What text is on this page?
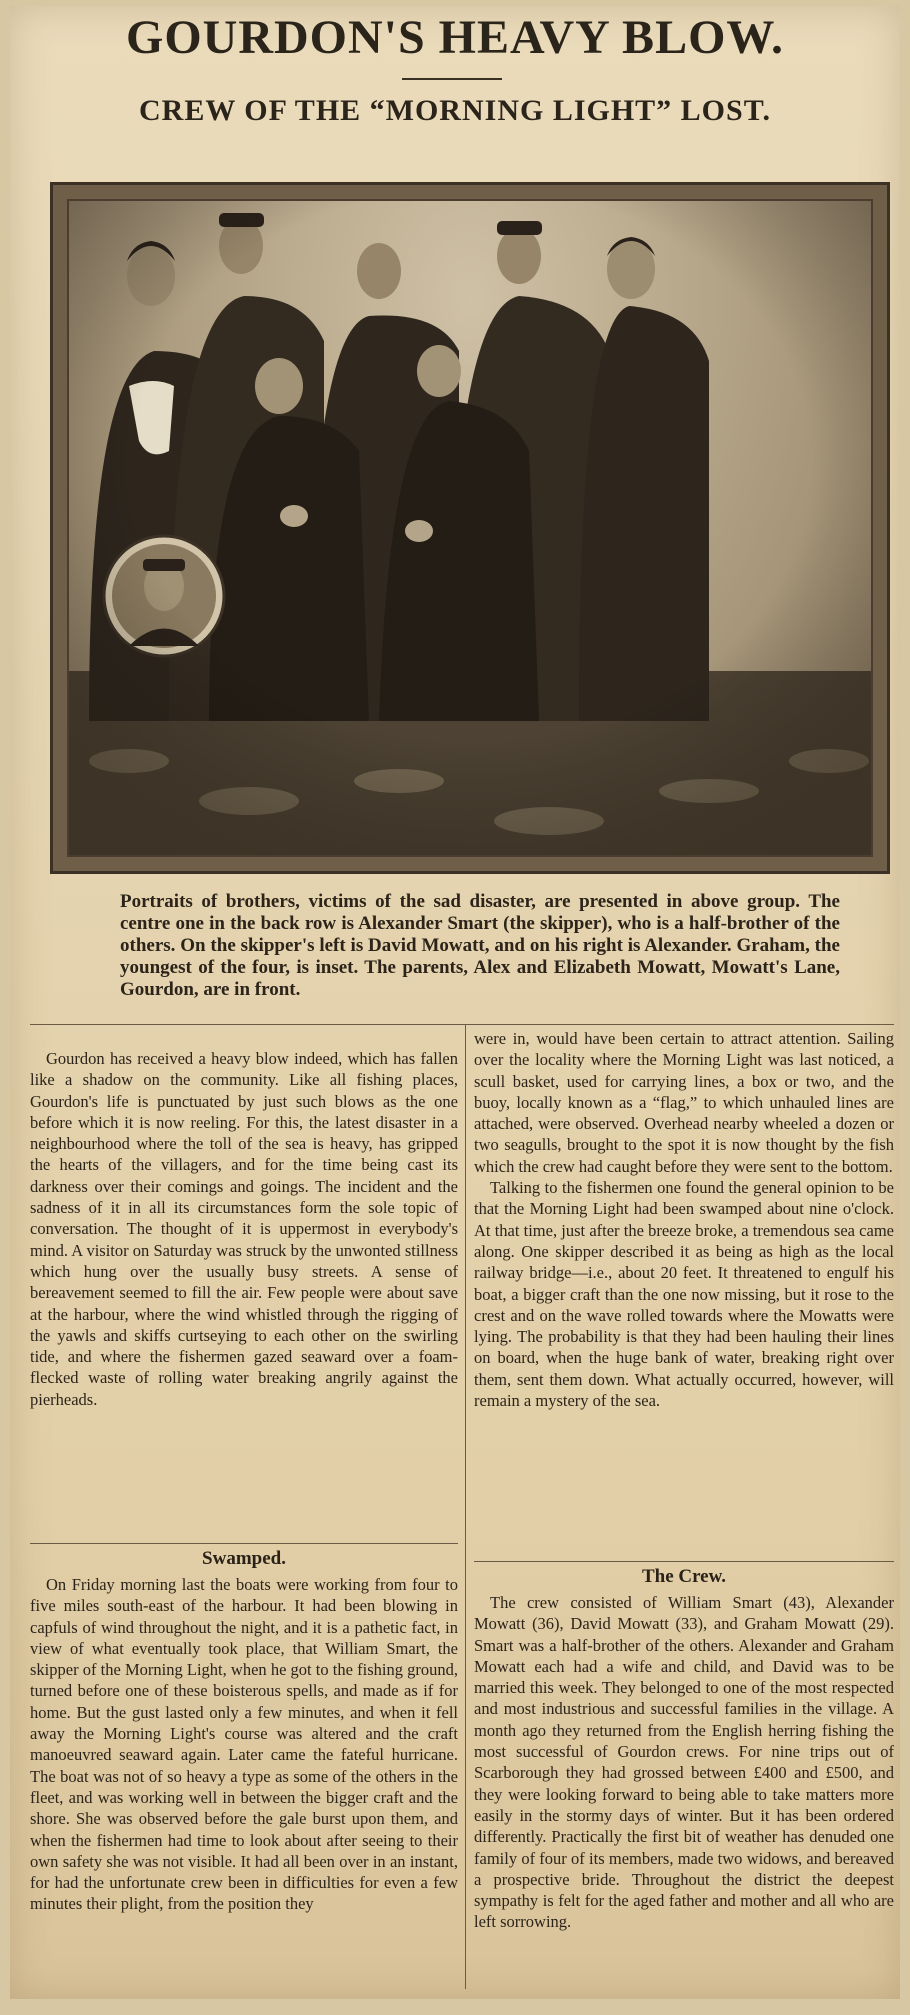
GOURDON'S HEAVY BLOW.
CREW OF THE “MORNING LIGHT” LOST.
Portraits of brothers, victims of the sad disaster, are presented in above group. The centre one in the back row is Alexander Smart (the skipper), who is a half-brother of the others. On the skipper's left is David Mowatt, and on his right is Alexander. Graham, the youngest of the four, is inset. The parents, Alex and Elizabeth Mowatt, Mowatt's Lane, Gourdon, are in front.

Gourdon has received a heavy blow indeed, which has fallen like a shadow on the community. Like all fishing places, Gourdon's life is punctuated by just such blows as the one before which it is now reeling. For this, the latest disaster in a neighbourhood where the toll of the sea is heavy, has gripped the hearts of the villagers, and for the time being cast its darkness over their comings and goings. The incident and the sadness of it in all its circumstances form the sole topic of conversation. The thought of it is uppermost in everybody's mind. A visitor on Saturday was struck by the unwonted stillness which hung over the usually busy streets. A sense of bereavement seemed to fill the air. Few people were about save at the harbour, where the wind whistled through the rigging of the yawls and skiffs curtseying to each other on the swirling tide, and where the fishermen gazed seaward over a foam-flecked waste of rolling water breaking angrily against the pierheads.

Swamped.

On Friday morning last the boats were working from four to five miles south-east of the harbour. It had been blowing in capfuls of wind throughout the night, and it is a pathetic fact, in view of what eventually took place, that William Smart, the skipper of the Morning Light, when he got to the fishing ground, turned before one of these boisterous spells, and made as if for home. But the gust lasted only a few minutes, and when it fell away the Morning Light's course was altered and the craft manoeuvred seaward again. Later came the fateful hurricane. The boat was not of so heavy a type as some of the others in the fleet, and was working well in between the bigger craft and the shore. She was observed before the gale burst upon them, and when the fishermen had time to look about after seeing to their own safety she was not visible. It had all been over in an instant, for had the unfortunate crew been in difficulties for even a few minutes their plight, from the position they

were in, would have been certain to attract attention. Sailing over the locality where the Morning Light was last noticed, a scull basket, used for carrying lines, a box or two, and the buoy, locally known as a “flag,” to which unhauled lines are attached, were observed. Overhead nearby wheeled a dozen or two seagulls, brought to the spot it is now thought by the fish which the crew had caught before they were sent to the bottom.

Talking to the fishermen one found the general opinion to be that the Morning Light had been swamped about nine o'clock. At that time, just after the breeze broke, a tremendous sea came along. One skipper described it as being as high as the local railway bridge—i.e., about 20 feet. It threatened to engulf his boat, a bigger craft than the one now missing, but it rose to the crest and on the wave rolled towards where the Mowatts were lying. The probability is that they had been hauling their lines on board, when the huge bank of water, breaking right over them, sent them down. What actually occurred, however, will remain a mystery of the sea.

The Crew.

The crew consisted of William Smart (43), Alexander Mowatt (36), David Mowatt (33), and Graham Mowatt (29). Smart was a half-brother of the others. Alexander and Graham Mowatt each had a wife and child, and David was to be married this week. They belonged to one of the most respected and most industrious and successful families in the village. A month ago they returned from the English herring fishing the most successful of Gourdon crews. For nine trips out of Scarborough they had grossed between £400 and £500, and they were looking forward to being able to take matters more easily in the stormy days of winter. But it has been ordered differently. Practically the first bit of weather has denuded one family of four of its members, made two widows, and bereaved a prospective bride. Throughout the district the deepest sympathy is felt for the aged father and mother and all who are left sorrowing.
